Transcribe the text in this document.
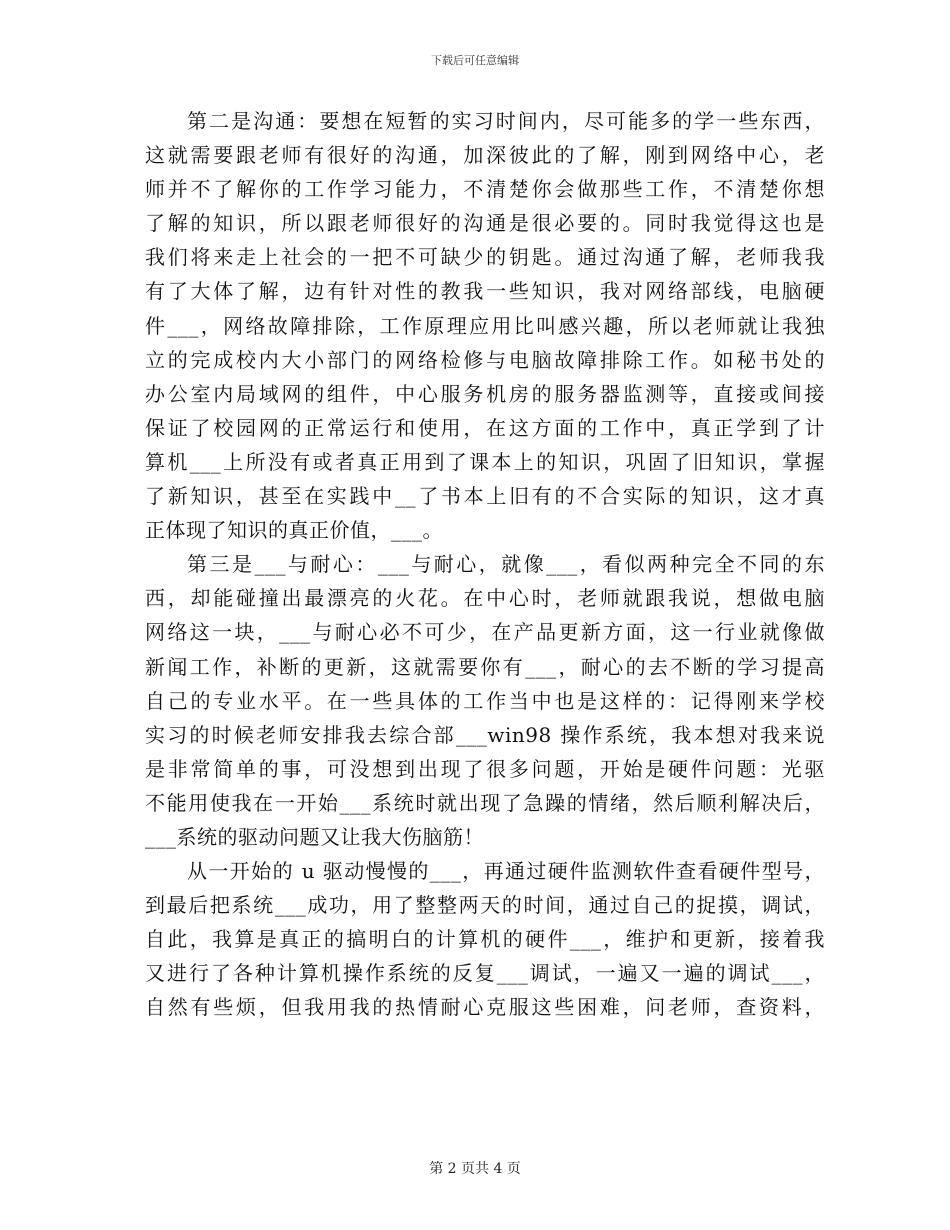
下载后可任意编辑
第二是沟通：要想在短暂的实习时间内，尽可能多的学一些东西，
这就需要跟老师有很好的沟通，加深彼此的了解，刚到网络中心，老
师并不了解你的工作学习能力，不清楚你会做那些工作，不清楚你想
了解的知识，所以跟老师很好的沟通是很必要的。同时我觉得这也是
我们将来走上社会的一把不可缺少的钥匙。通过沟通了解，老师我我
有了大体了解，边有针对性的教我一些知识，我对网络部线，电脑硬
件___，网络故障排除，工作原理应用比叫感兴趣，所以老师就让我独
立的完成校内大小部门的网络检修与电脑故障排除工作。如秘书处的
办公室内局域网的组件，中心服务机房的服务器监测等，直接或间接
保证了校园网的正常运行和使用，在这方面的工作中，真正学到了计
算机___上所没有或者真正用到了课本上的知识，巩固了旧知识，掌握
了新知识，甚至在实践中__了书本上旧有的不合实际的知识，这才真
正体现了知识的真正价值，___。
第三是___与耐心：___与耐心，就像___，看似两种完全不同的东
西，却能碰撞出最漂亮的火花。在中心时，老师就跟我说，想做电脑
网络这一块，___与耐心必不可少，在产品更新方面，这一行业就像做
新闻工作，补断的更新，这就需要你有___，耐心的去不断的学习提高
自己的专业水平。在一些具体的工作当中也是这样的：记得刚来学校
实习的时候老师安排我去综合部___win98 操作系统，我本想对我来说
是非常简单的事，可没想到出现了很多问题，开始是硬件问题：光驱
不能用使我在一开始___系统时就出现了急躁的情绪，然后顺利解决后，
___系统的驱动问题又让我大伤脑筋！
从一开始的 u 驱动慢慢的___，再通过硬件监测软件查看硬件型号，
到最后把系统___成功，用了整整两天的时间，通过自己的捉摸，调试，
自此，我算是真正的搞明白的计算机的硬件___，维护和更新，接着我
又进行了各种计算机操作系统的反复___调试，一遍又一遍的调试___，
自然有些烦，但我用我的热情耐心克服这些困难，问老师，查资料，
第 2 页共 4 页
